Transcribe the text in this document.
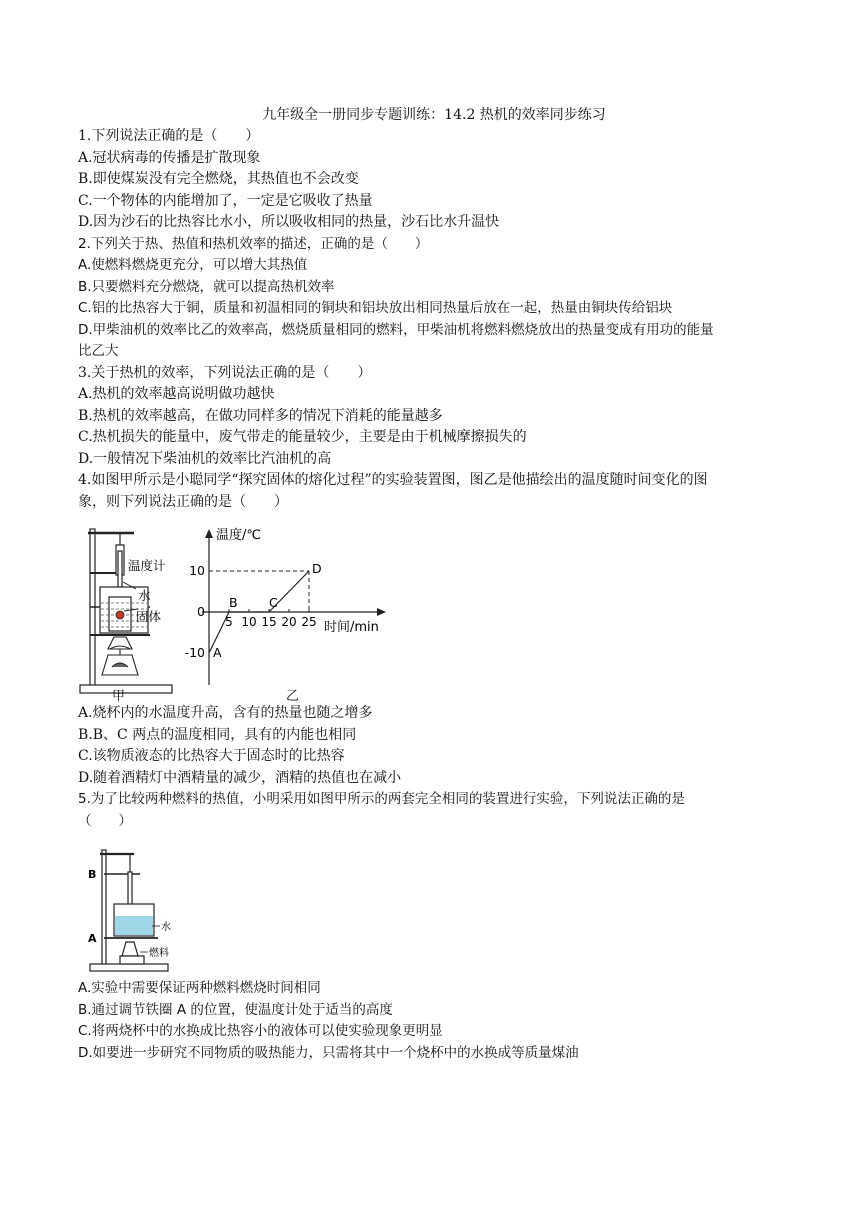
九年级全一册同步专题训练：14.2 热机的效率同步练习
1.下列说法正确的是（　　）
A.冠状病毒的传播是扩散现象
B.即使煤炭没有完全燃烧，其热值也不会改变
C.一个物体的内能增加了，一定是它吸收了热量
D.因为沙石的比热容比水小，所以吸收相同的热量，沙石比水升温快
2.下列关于热、热值和热机效率的描述，正确的是（　　）
A.使燃料燃烧更充分，可以增大其热值
B.只要燃料充分燃烧，就可以提高热机效率
C.铝的比热容大于铜，质量和初温相同的铜块和铝块放出相同热量后放在一起，热量由铜块传给铝块
D.甲柴油机的效率比乙的效率高，燃烧质量相同的燃料，甲柴油机将燃料燃烧放出的热量变成有用功的能量
比乙大
3.关于热机的效率，下列说法正确的是（　　）
A.热机的效率越高说明做功越快
B.热机的效率越高，在做功同样多的情况下消耗的能量越多
C.热机损失的能量中，废气带走的能量较少，主要是由于机械摩擦损失的
D.一般情况下柴油机的效率比汽油机的高
4.如图甲所示是小聪同学“探究固体的熔化过程”的实验装置图，图乙是他描绘出的温度随时间变化的图
象，则下列说法正确的是（　　）
温度计
水
固体
甲
温度/℃
时间/min
10
0
-10
5 10 15 20 25
A
B	C
D
乙
A.烧杯内的水温度升高，含有的热量也随之增多
B.B、C 两点的温度相同，具有的内能也相同
C.该物质液态的比热容大于固态时的比热容
D.随着酒精灯中酒精量的减少，酒精的热值也在减小
5.为了比较两种燃料的热值，小明采用如图甲所示的两套完全相同的装置进行实验，下列说法正确的是
（　　）
B
A
水
燃料
A.实验中需要保证两种燃料燃烧时间相同
B.通过调节铁圈 A 的位置，使温度计处于适当的高度
C.将两烧杯中的水换成比热容小的液体可以使实验现象更明显
D.如要进一步研究不同物质的吸热能力，只需将其中一个烧杯中的水换成等质量煤油
